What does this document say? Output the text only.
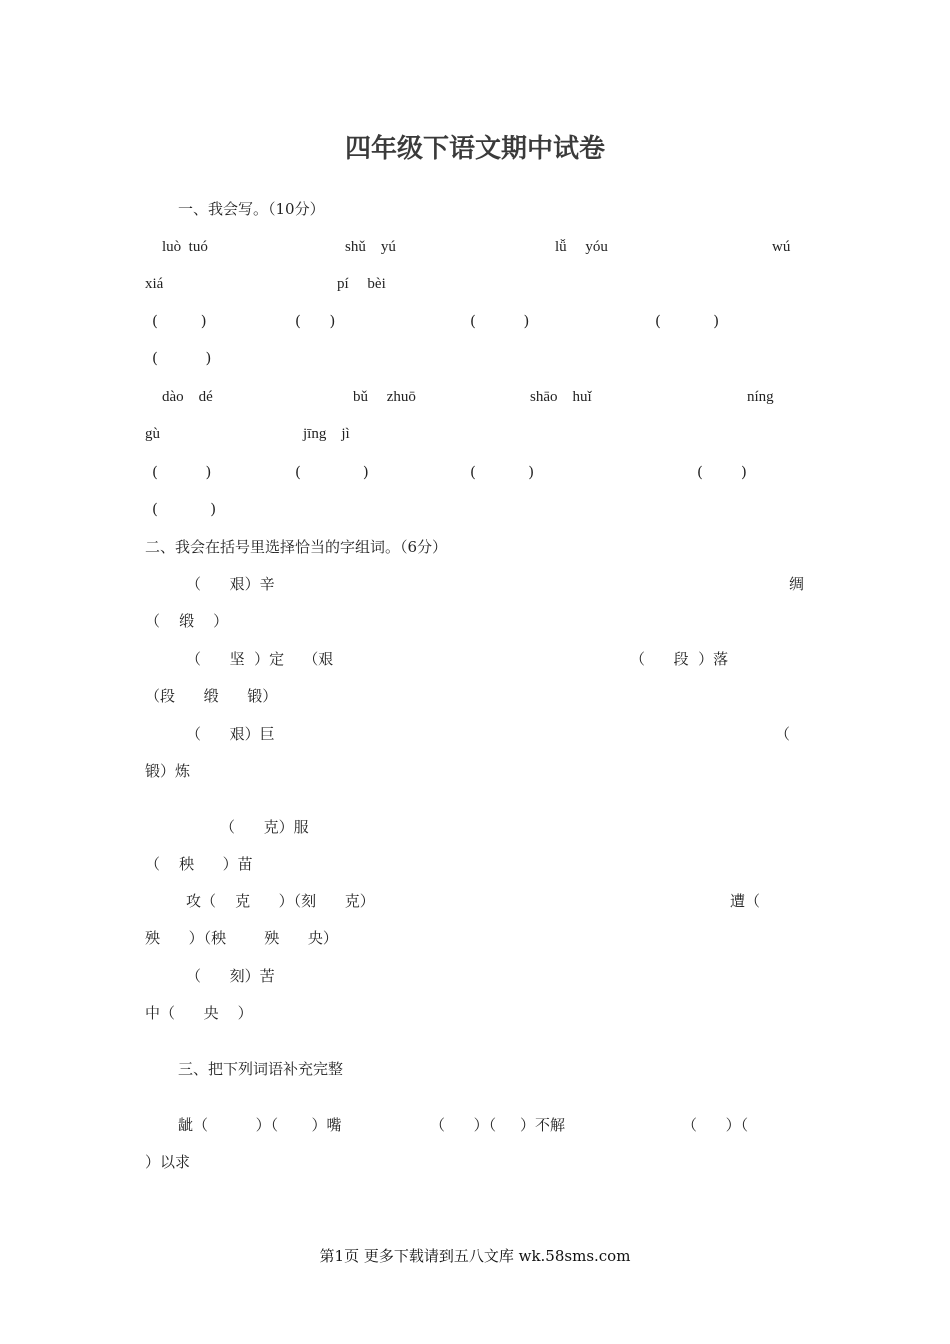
四年级下语文期中试卷
一、我会写。（10分）
luò  tuó	shǔ    yú	lǚ     yóu	wú
xiá	pí     bèi
(         )	(      )	(          )	(           )
(          )
dào    dé	bǔ     zhuō	shāo    huǐ	níng
gù	jīng    jì
(          )	(             )	(           )	(        )
(           )
二、我会在括号里选择恰当的字组词。（6分）
（      艰）辛	绸
（    缎    ）
（      坚  ）定    （艰	（      段  ）落
（段      缎      锻）
（      艰）巨	（
锻）炼
（      克）服
（    秧      ）苗
攻（    克      ）（刻      克）	遭（
殃      ）（秧        殃      央）
（      刻）苦
中（      央    ）
三、把下列词语补充完整
龇（          ）（       ）嘴	（      ）（     ）不解	（      ）（
）以求
第1页 更多下载请到五八文库 wk.58sms.com
